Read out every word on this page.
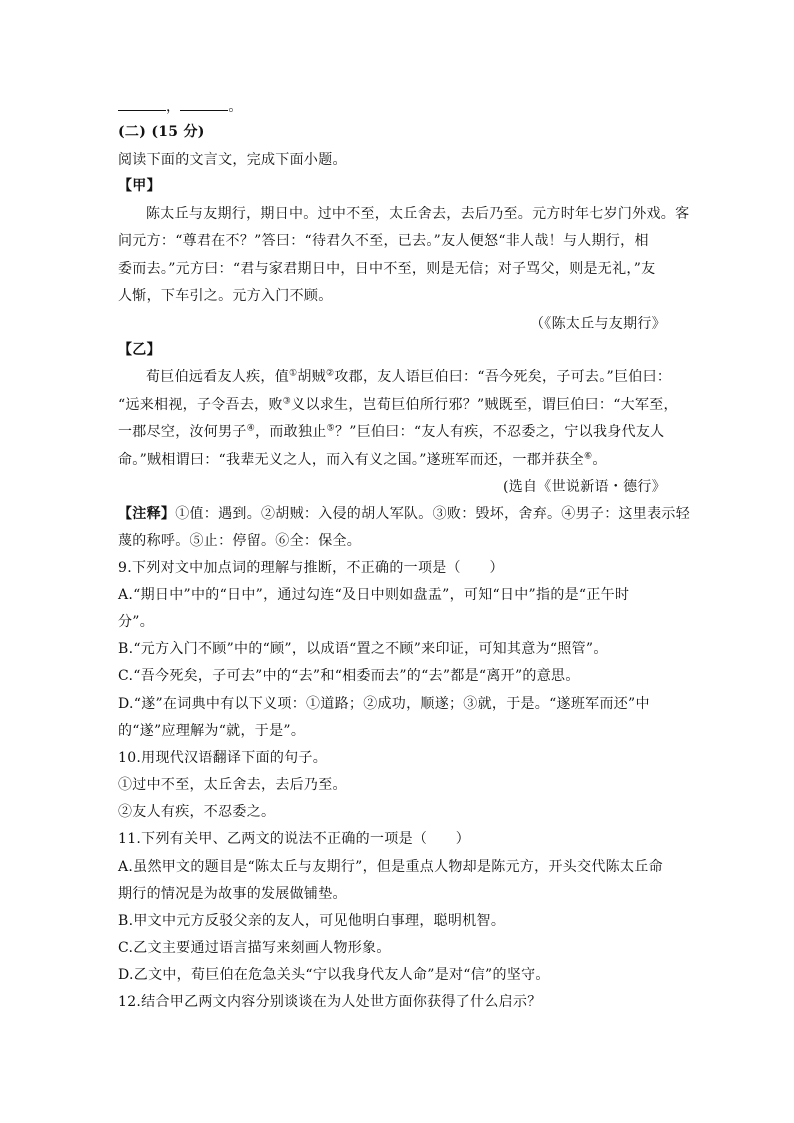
，	。
(二) (15 分)
阅读下面的文言文，完成下面小题。
【甲】
陈太丘与友期行，期日中。过中不至，太丘舍去，去后乃至。元方时年七岁门外戏。客
问元方：“尊君在不？”答曰：“待君久不至，已去。”友人便怒“非人哉！与人期行，相
委而去。”元方曰：“君与家君期日中，日中不至，则是无信；对子骂父，则是无礼，”友
人惭，下车引之。元方入门不顾。
（《陈太丘与友期行》
【乙】
荀巨伯远看友人疾，值①胡贼②攻郡，友人语巨伯曰：“吾今死矣，子可去。”巨伯曰：
“远来相视，子令吾去，败③义以求生，岂荀巨伯所行邪？”贼既至，谓巨伯曰：“大军至，
一郡尽空，汝何男子④，而敢独止⑤？”巨伯曰：“友人有疾，不忍委之，宁以我身代友人
命。”贼相谓曰：“我辈无义之人，而入有义之国。”遂班军而还，一郡并获全⑥。
(选自《世说新语・德行》
【注释】①值：遇到。②胡贼：入侵的胡人军队。③败：毁坏，舍弃。④男子：这里表示轻
蔑的称呼。⑤止：停留。⑥全：保全。
9.下列对文中加点词的理解与推断，不正确的一项是（　　）
A.“期日中”中的“日中”，通过勾连“及日中则如盘盂”，可知“日中”指的是“正午时
分”。
B.“元方入门不顾”中的“顾”，以成语“置之不顾”来印证，可知其意为“照管”。
C.“吾今死矣，子可去”中的“去”和“相委而去”的“去”都是“离开”的意思。
D.“遂”在词典中有以下义项：①道路；②成功，顺遂；③就，于是。“遂班军而还”中
的“遂”应理解为“就，于是”。
10.用现代汉语翻译下面的句子。
①过中不至，太丘舍去，去后乃至。
②友人有疾，不忍委之。
11.下列有关甲、乙两文的说法不正确的一项是（　　）
A.虽然甲文的题目是“陈太丘与友期行”，但是重点人物却是陈元方，开头交代陈太丘命
期行的情况是为故事的发展做铺垫。
B.甲文中元方反驳父亲的友人，可见他明白事理，聪明机智。
C.乙文主要通过语言描写来刻画人物形象。
D.乙文中，荀巨伯在危急关头“宁以我身代友人命”是对“信”的坚守。
12.结合甲乙两文内容分别谈谈在为人处世方面你获得了什么启示？
